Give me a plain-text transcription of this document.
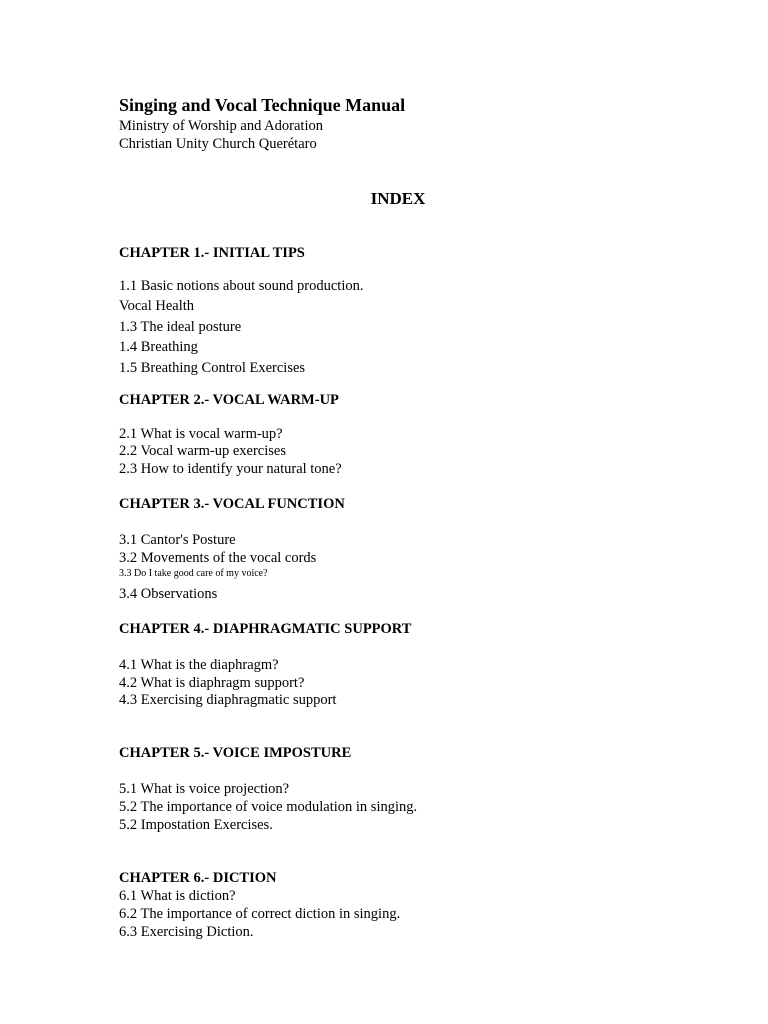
Singing and Vocal Technique Manual
Ministry of Worship and Adoration
Christian Unity Church Querétaro
INDEX
CHAPTER 1.- INITIAL TIPS
1.1 Basic notions about sound production.
Vocal Health
1.3 The ideal posture
1.4 Breathing
1.5 Breathing Control Exercises
CHAPTER 2.- VOCAL WARM-UP
2.1 What is vocal warm-up?
2.2 Vocal warm-up exercises
2.3 How to identify your natural tone?
CHAPTER 3.- VOCAL FUNCTION
3.1 Cantor's Posture
3.2 Movements of the vocal cords
3.3 Do I take good care of my voice?
3.4 Observations
CHAPTER 4.- DIAPHRAGMATIC SUPPORT
4.1 What is the diaphragm?
4.2 What is diaphragm support?
4.3 Exercising diaphragmatic support
CHAPTER 5.- VOICE IMPOSTURE
5.1 What is voice projection?
5.2 The importance of voice modulation in singing.
5.2 Impostation Exercises.
CHAPTER 6.- DICTION
6.1 What is diction?
6.2 The importance of correct diction in singing.
6.3 Exercising Diction.
